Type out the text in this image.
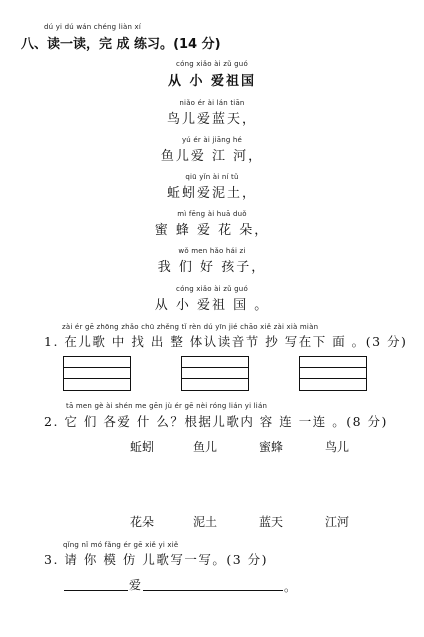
dú yi dú wán chéng liàn xí
八、读一读，完 成 练习。(14 分)
cóng xiǎo ài zǔ guó
从 小 爱祖国
niǎo ér ài lán tiān
鸟儿爱蓝天，
yú ér ài jiāng hé
鱼儿爱 江 河，
qiū yǐn ài ní tǔ
蚯蚓爱泥土，
mì fēng ài huā duǒ
蜜 蜂 爱 花 朵，
wǒ men hǎo hái zi
我 们 好 孩子，
cóng xiǎo ài zǔ guó
从 小 爱祖 国 。
zài ér gē zhōng zhǎo chū zhěng tǐ rèn dú yīn jié chāo xiě zài xià miàn
1. 在儿歌 中 找 出 整 体认读音节 抄 写在下 面 。(3 分)
tā men gè ài shén me gēn jù ér gē nèi róng lián yi lián
2. 它 们 各爱 什 么？根据儿歌内 容 连 一连 。(8 分)
蚯蚓	鱼儿	蜜蜂	鸟儿
花朵	泥土	蓝天	江河
qǐng nǐ mó fǎng ér gē xiě yi xiě
3. 请 你 模 仿 儿歌写一写。(3 分)
爱	。
